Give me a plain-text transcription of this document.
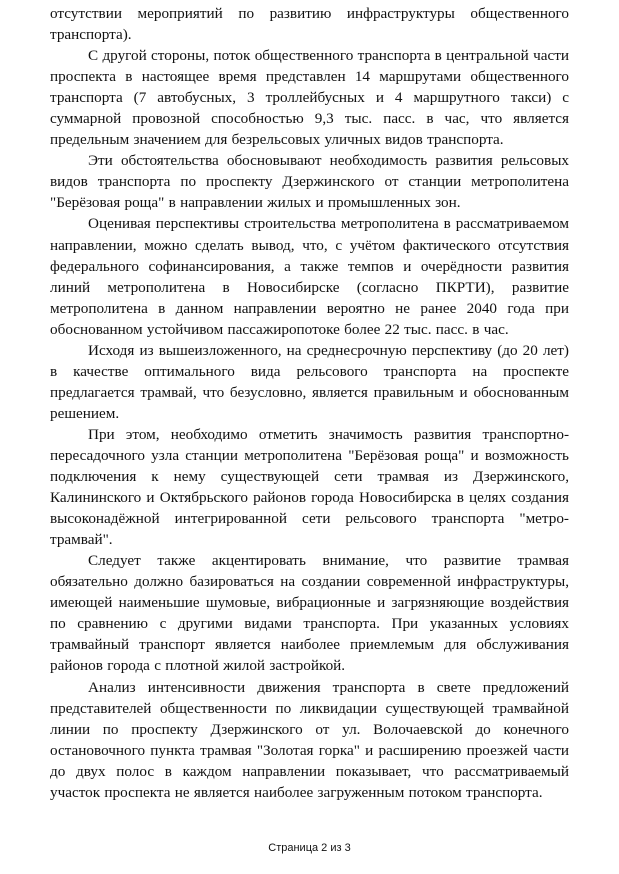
отсутствии мероприятий по развитию инфраструктуры общественного транспорта).

С другой стороны, поток общественного транспорта в центральной части проспекта в настоящее время представлен 14 маршрутами общественного транспорта (7 автобусных, 3 троллейбусных и 4 маршрутного такси) с суммарной провозной способностью 9,3 тыс. пасс. в час, что является предельным значением для безрельсовых уличных видов транспорта.

Эти обстоятельства обосновывают необходимость развития рельсовых видов транспорта по проспекту Дзержинского от станции метрополитена "Берёзовая роща" в направлении жилых и промышленных зон.

Оценивая перспективы строительства метрополитена в рассматриваемом направлении, можно сделать вывод, что, с учётом фактического отсутствия федерального софинансирования, а также темпов и очерёдности развития линий метрополитена в Новосибирске (согласно ПКРТИ), развитие метрополитена в данном направлении вероятно не ранее 2040 года при обоснованном устойчивом пассажиропотоке более 22 тыс. пасс. в час.

Исходя из вышеизложенного, на среднесрочную перспективу (до 20 лет) в качестве оптимального вида рельсового транспорта на проспекте предлагается трамвай, что безусловно, является правильным и обоснованным решением.

При этом, необходимо отметить значимость развития транспортно-пересадочного узла станции метрополитена "Берёзовая роща" и возможность подключения к нему существующей сети трамвая из Дзержинского, Калининского и Октябрьского районов города Новосибирска в целях создания высоконадёжной интегрированной сети рельсового транспорта "метро-трамвай".

Следует также акцентировать внимание, что развитие трамвая обязательно должно базироваться на создании современной инфраструктуры, имеющей наименьшие шумовые, вибрационные и загрязняющие воздействия по сравнению с другими видами транспорта. При указанных условиях трамвайный транспорт является наиболее приемлемым для обслуживания районов города с плотной жилой застройкой.

Анализ интенсивности движения транспорта в свете предложений представителей общественности по ликвидации существующей трамвайной линии по проспекту Дзержинского от ул. Волочаевской до конечного остановочного пункта трамвая "Золотая горка" и расширению проезжей части до двух полос в каждом направлении показывает, что рассматриваемый участок проспекта не является наиболее загруженным потоком транспорта.

Страница 2 из 3
